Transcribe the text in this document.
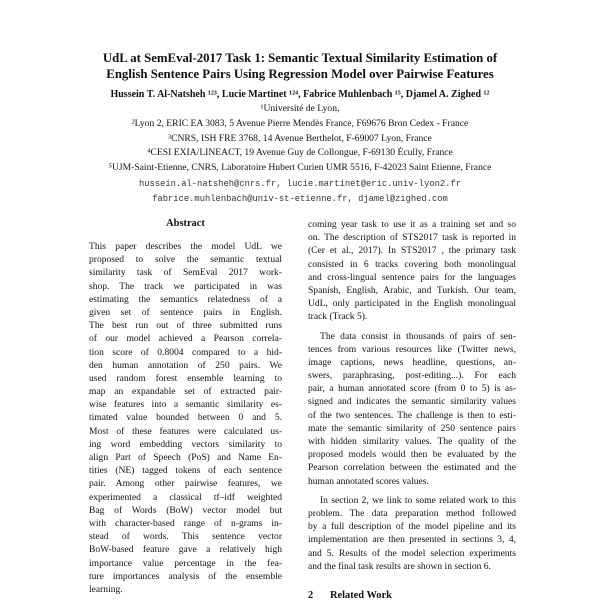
UdL at SemEval-2017 Task 1: Semantic Textual Similarity Estimation of
English Sentence Pairs Using Regression Model over Pairwise Features
Hussein T. Al-Natsheh ¹²³, Lucie Martinet ¹²⁴, Fabrice Muhlenbach ¹⁵, Djamel A. Zighed ¹²
¹Université de Lyon,
²Lyon 2, ERIC EA 3083, 5 Avenue Pierre Mendès France, F69676 Bron Cedex - France
³CNRS, ISH FRE 3768, 14 Avenue Berthelot, F-69007 Lyon, France
⁴CESI EXIA/LINEACT, 19 Avenue Guy de Collongue, F-69130 Écully, France
⁵UJM-Saint-Etienne, CNRS, Laboratoire Hubert Curien UMR 5516, F-42023 Saint Etienne, France
hussein.al-natsheh@cnrs.fr, lucie.martinet@eric.univ-lyon2.fr
fabrice.muhlenbach@univ-st-etienne.fr, djamel@zighed.com
Abstract
This paper describes the model UdL we
proposed to solve the semantic textual
similarity task of SemEval 2017 work-
shop. The track we participated in was
estimating the semantics relatedness of a
given set of sentence pairs in English.
The best run out of three submitted runs
of our model achieved a Pearson correla-
tion score of 0.8004 compared to a hid-
den human annotation of 250 pairs. We
used random forest ensemble learning to
map an expandable set of extracted pair-
wise features into a semantic similarity es-
timated value bounded between 0 and 5.
Most of these features were calculated us-
ing word embedding vectors similarity to
align Part of Speech (PoS) and Name En-
tities (NE) tagged tokens of each sentence
pair. Among other pairwise features, we
experimented a classical tf–idf weighted
Bag of Words (BoW) vector model but
with character-based range of n-grams in-
stead of words. This sentence vector
BoW-based feature gave a relatively high
importance value percentage in the fea-
ture importances analysis of the ensemble
learning.
coming year task to use it as a training set and so
on. The description of STS2017 task is reported in
(Cer et al., 2017). In STS2017 , the primary task
consisted in 6 tracks covering both monolingual
and cross-lingual sentence pairs for the languages
Spanish, English, Arabic, and Turkish. Our team,
UdL, only participated in the English monolingual
track (Track 5).
The data consist in thousands of pairs of sen-
tences from various resources like (Twitter news,
image captions, news headline, questions, an-
swers, paraphrasing, post-editing...). For each
pair, a human annotated score (from 0 to 5) is as-
signed and indicates the semantic similarity values
of the two sentences. The challenge is then to esti-
mate the semantic similarity of 250 sentence pairs
with hidden similarity values. The quality of the
proposed models would then be evaluated by the
Pearson correlation between the estimated and the
human annotated scores values.
In section 2, we link to some related work to this
problem. The data preparation method followed
by a full description of the model pipeline and its
implementation are then presented in sections 3, 4,
and 5. Results of the model selection experiments
and the final task results are shown in section 6.
2 Related Work
